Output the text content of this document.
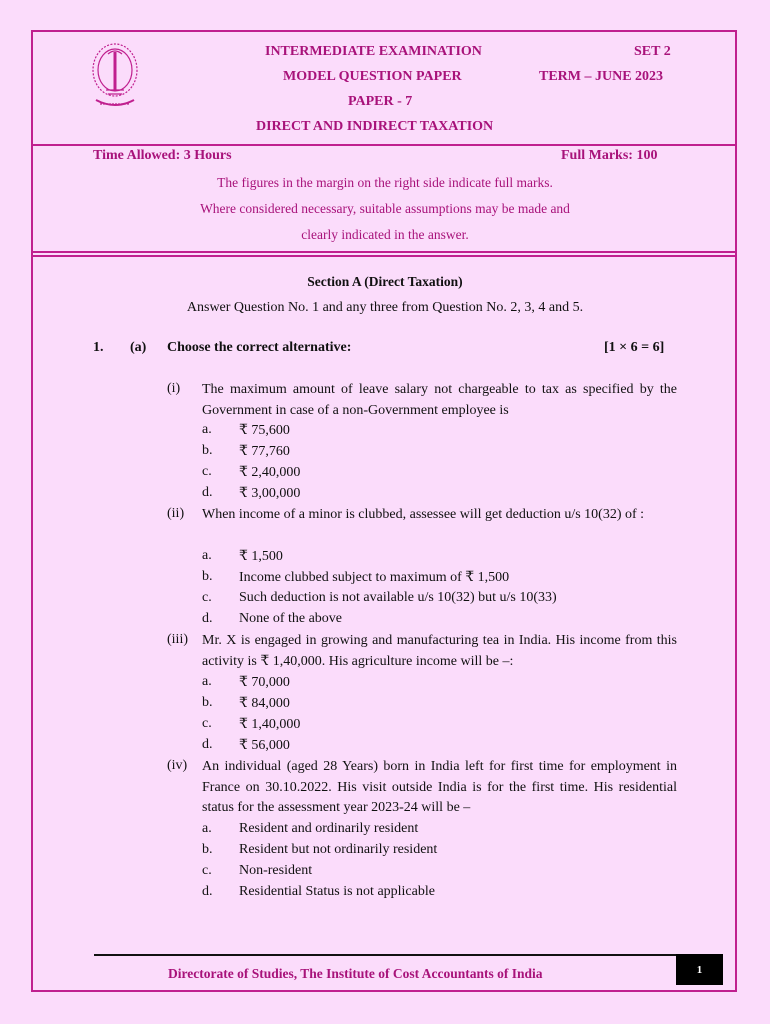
INTERMEDIATE EXAMINATION	SET 2
MODEL QUESTION PAPER	TERM – JUNE 2023
PAPER - 7
DIRECT AND INDIRECT TAXATION
Time Allowed: 3 Hours	Full Marks: 100
The figures in the margin on the right side indicate full marks.
Where considered necessary, suitable assumptions may be made and
clearly indicated in the answer.
Section A (Direct Taxation)
Answer Question No. 1 and any three from Question No. 2, 3, 4 and 5.
1. (a) Choose the correct alternative:	[1 × 6 = 6]
(i) The maximum amount of leave salary not chargeable to tax as specified by the Government in case of a non-Government employee is
a. ₹ 75,600
b. ₹ 77,760
c. ₹ 2,40,000
d. ₹ 3,00,000
(ii) When income of a minor is clubbed, assessee will get deduction u/s 10(32) of :
a. ₹ 1,500
b. Income clubbed subject to maximum of ₹ 1,500
c. Such deduction is not available u/s 10(32) but u/s 10(33)
d. None of the above
(iii) Mr. X is engaged in growing and manufacturing tea in India. His income from this activity is ₹ 1,40,000. His agriculture income will be –:
a. ₹ 70,000
b. ₹ 84,000
c. ₹ 1,40,000
d. ₹ 56,000
(iv) An individual (aged 28 Years) born in India left for first time for employment in France on 30.10.2022. His visit outside India is for the first time. His residential status for the assessment year 2023-24 will be –
a. Resident and ordinarily resident
b. Resident but not ordinarily resident
c. Non-resident
d. Residential Status is not applicable
Directorate of Studies, The Institute of Cost Accountants of India	1
